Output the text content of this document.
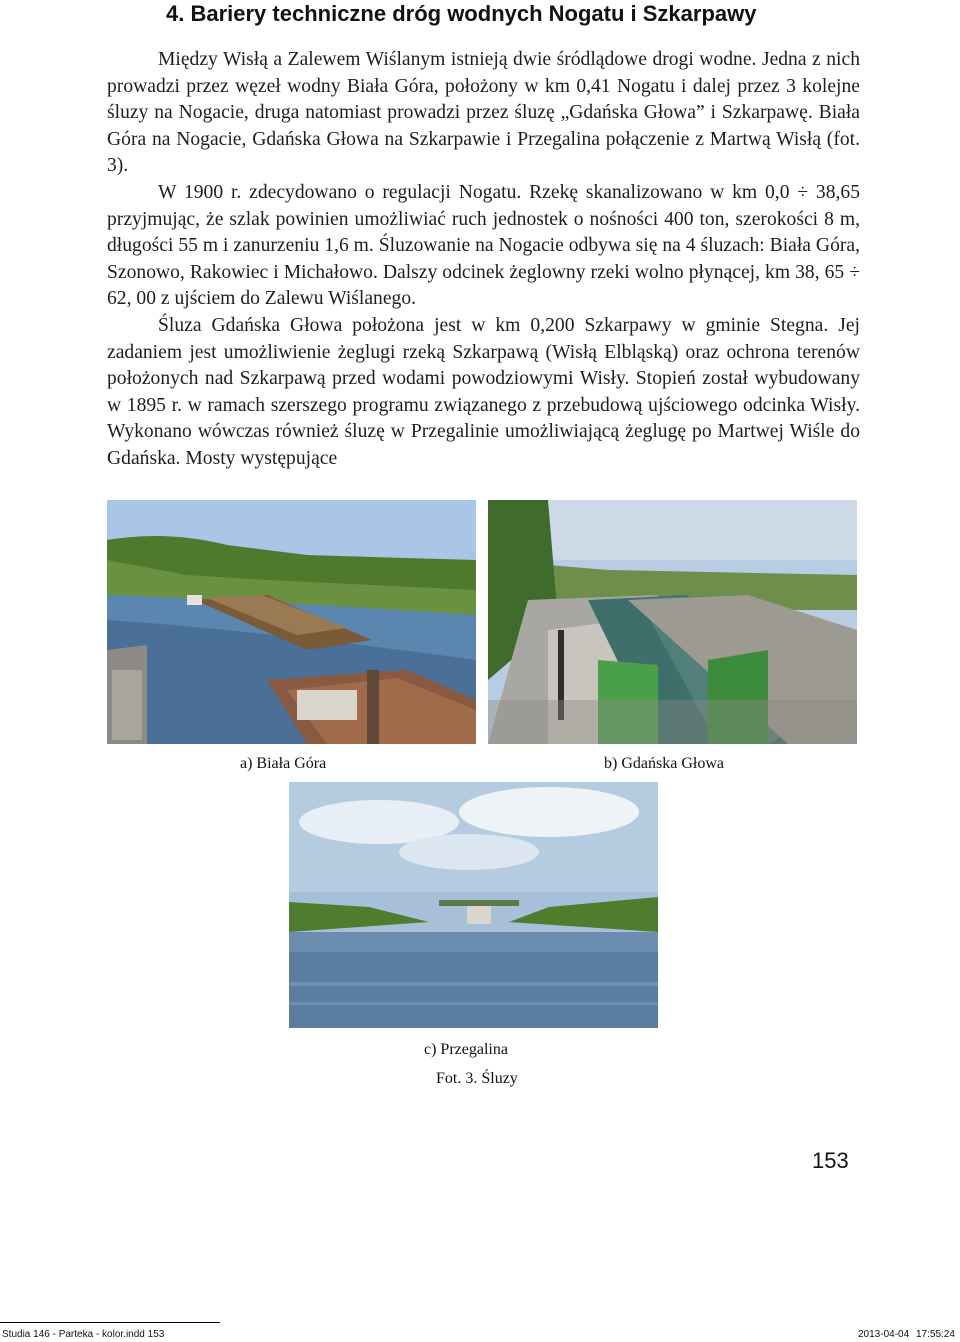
4. Bariery techniczne dróg wodnych Nogatu i Szkarpawy

Między Wisłą a Zalewem Wiślanym istnieją dwie śródlądowe drogi wodne. Jedna z nich prowadzi przez węzeł wodny Biała Góra, położony w km 0,41 Nogatu i dalej przez 3 kolejne śluzy na Nogacie, druga natomiast prowadzi przez śluzę „Gdańska Głowa” i Szkarpawę. Biała Góra na Nogacie, Gdańska Głowa na Szkarpawie i Przegalina połączenie z Martwą Wisłą (fot. 3).

W 1900 r. zdecydowano o regulacji Nogatu. Rzekę skanalizowano w km 0,0 ÷ 38,65 przyjmując, że szlak powinien umożliwiać ruch jednostek o nośności 400 ton, szerokości 8 m, długości 55 m i zanurzeniu 1,6 m. Śluzowanie na Nogacie odbywa się na 4 śluzach: Biała Góra, Szonowo, Rakowiec i Michałowo. Dalszy odcinek żeglowny rzeki wolno płynącej, km 38, 65 ÷ 62, 00 z ujściem do Zalewu Wiślanego.

Śluza Gdańska Głowa położona jest w km 0,200 Szkarpawy w gminie Stegna. Jej zadaniem jest umożliwienie żeglugi rzeką Szkarpawą (Wisłą Elbląską) oraz ochrona terenów położonych nad Szkarpawą przed wodami powodziowymi Wisły. Stopień został wybudowany w 1895 r. w ramach szerszego programu związanego z przebudową ujściowego odcinka Wisły. Wykonano wówczas również śluzę w Przegalinie umożliwiającą żeglugę po Martwej Wiśle do Gdańska. Mosty występujące

a) Biała Góra	b) Gdańska Głowa
c) Przegalina
Fot. 3. Śluzy
153
Studia 146 - Parteka - kolor.indd 153	2013-04-04 17:55:24
